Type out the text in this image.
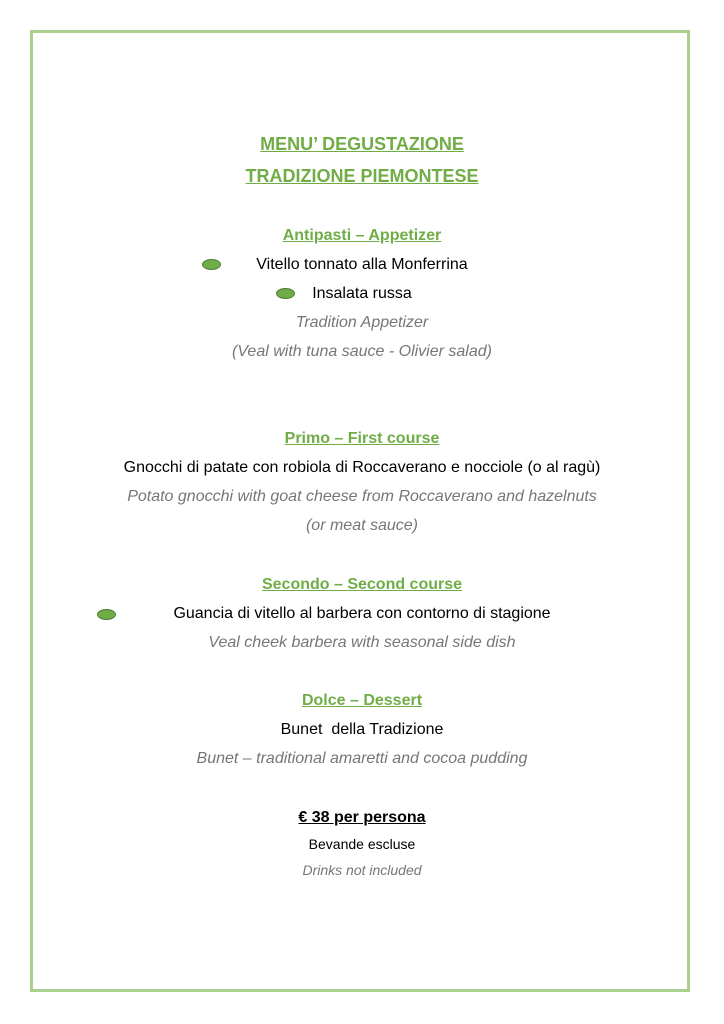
MENU’ DEGUSTAZIONE
TRADIZIONE PIEMONTESE
Antipasti – Appetizer
Vitello tonnato alla Monferrina
Insalata russa
Tradition Appetizer
(Veal with tuna sauce - Olivier salad)
Primo – First course
Gnocchi di patate con robiola di Roccaverano e nocciole (o al ragù)
Potato gnocchi with goat cheese from Roccaverano and hazelnuts
(or meat sauce)
Secondo – Second course
Guancia di vitello al barbera con contorno di stagione
Veal cheek barbera with seasonal side dish
Dolce – Dessert
Bunet  della Tradizione
Bunet – traditional amaretti and cocoa pudding
€ 38 per persona
Bevande escluse
Drinks not included
